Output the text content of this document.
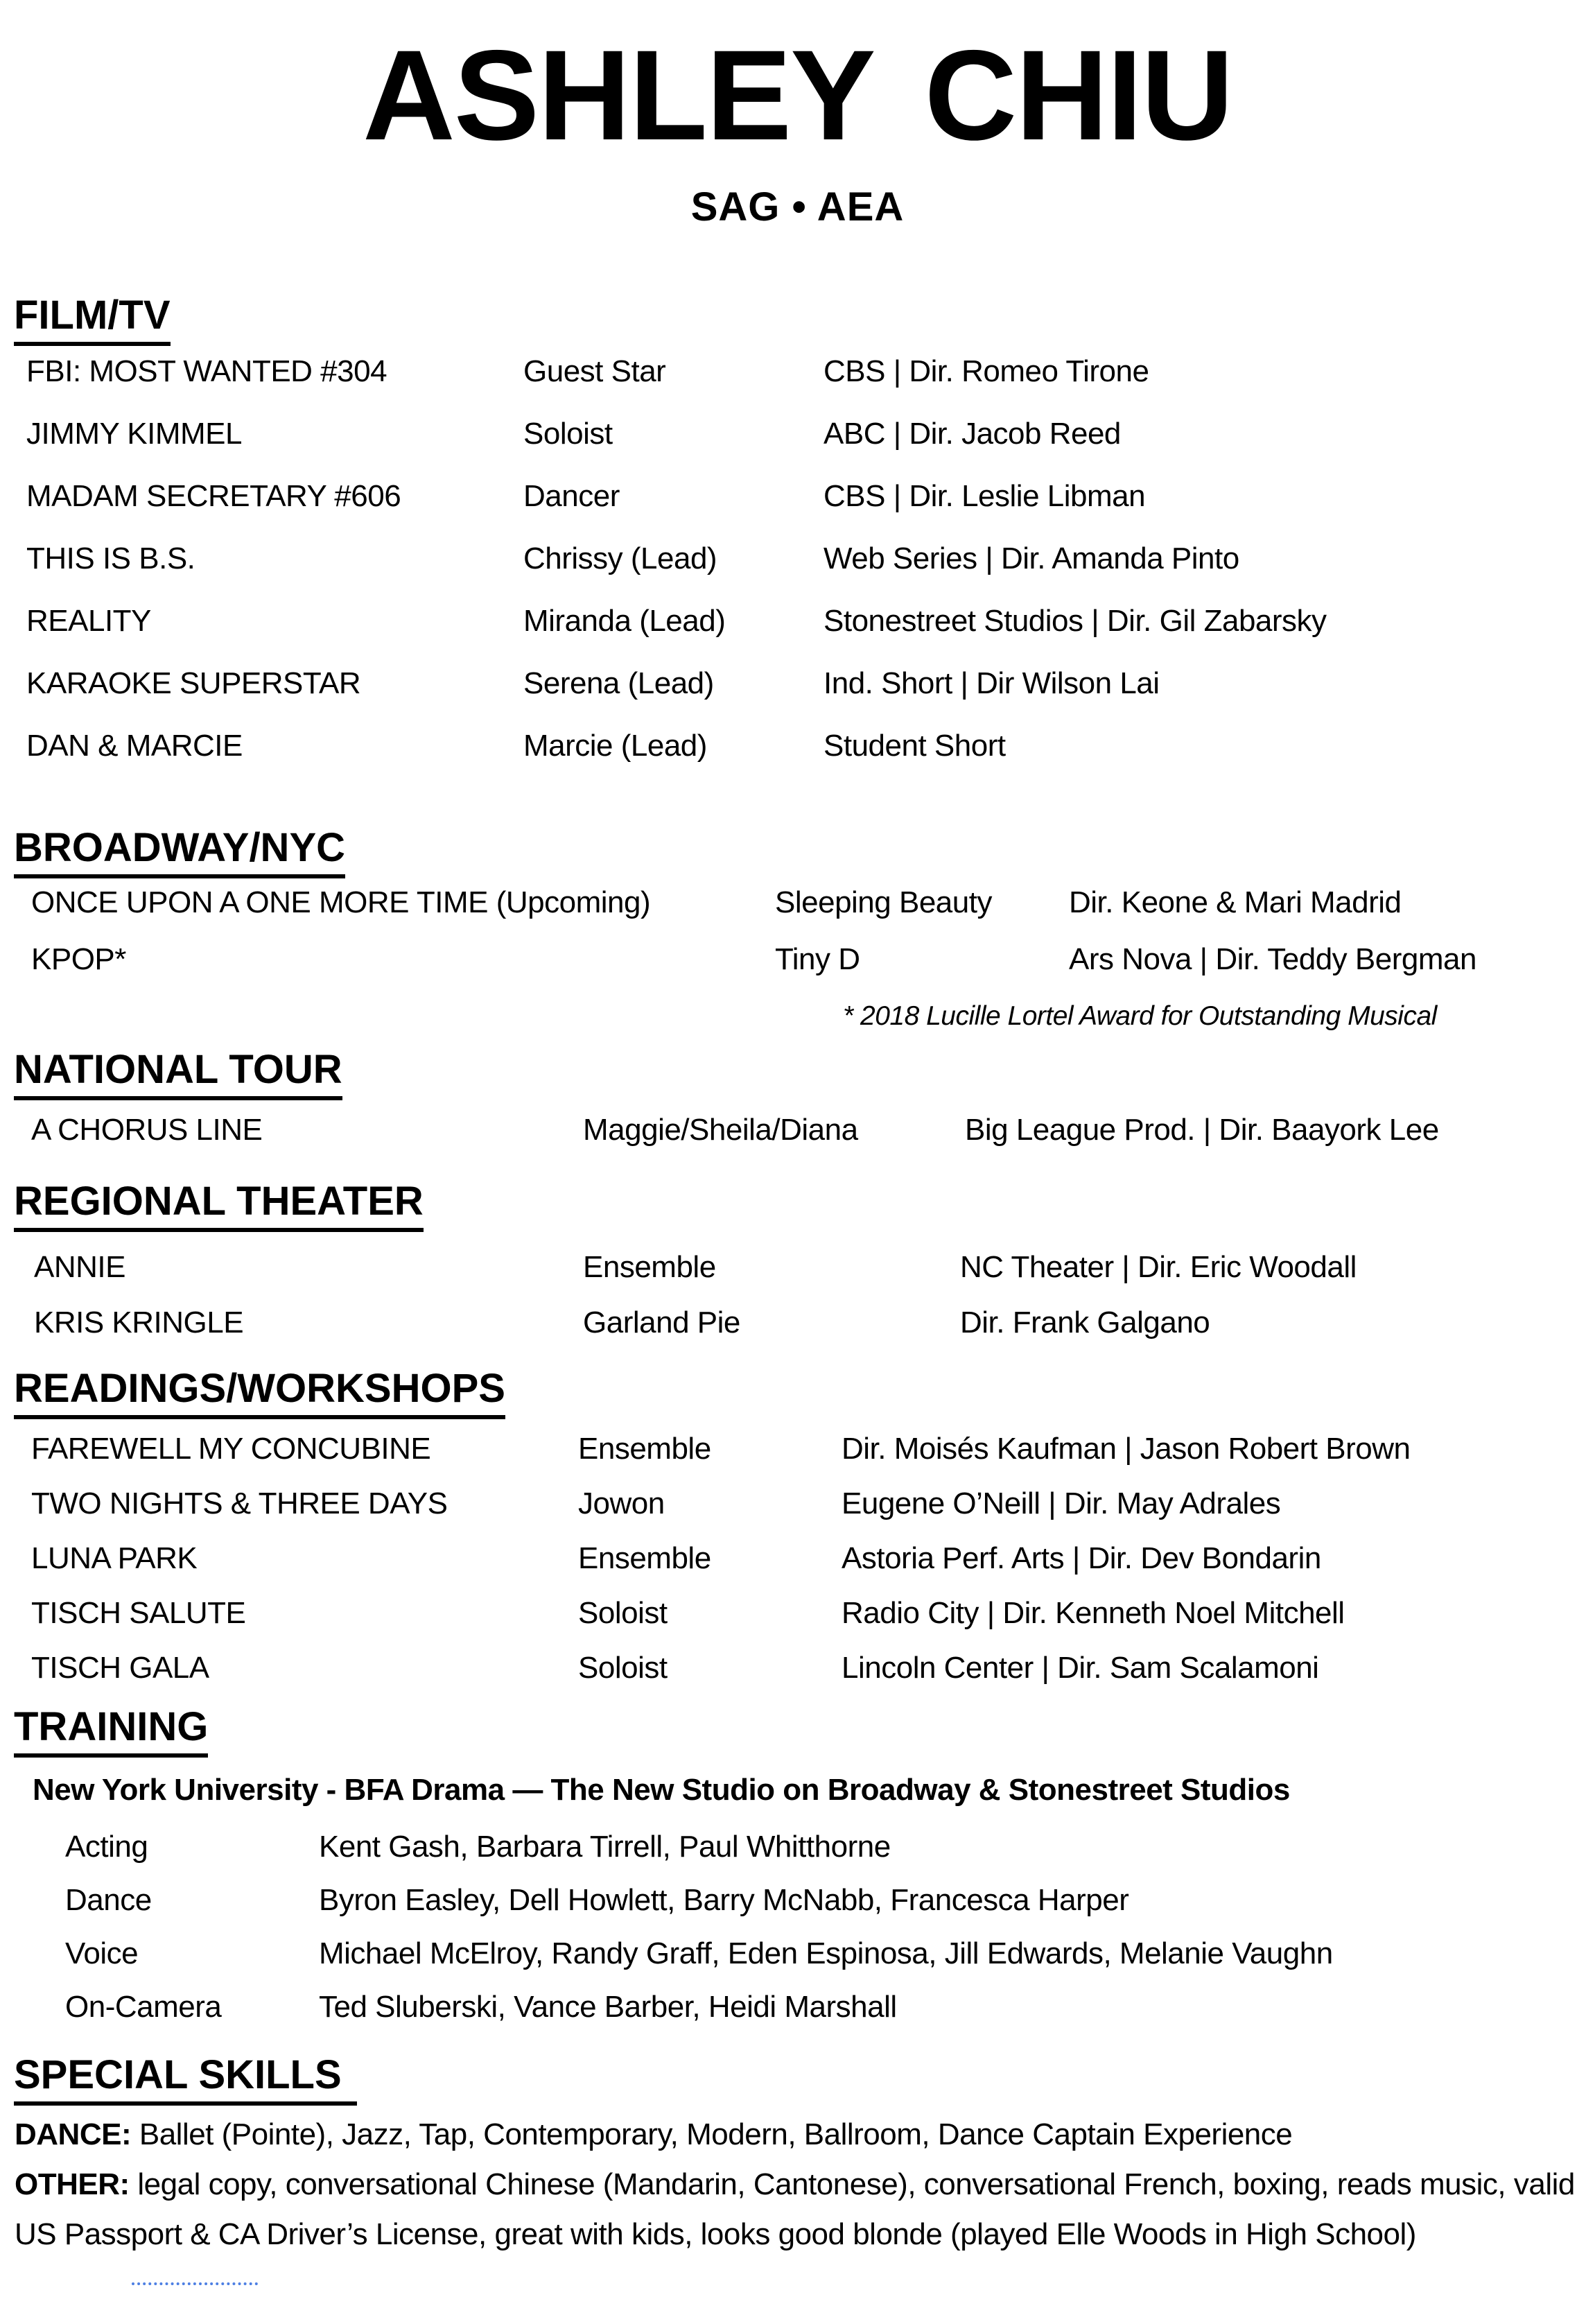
ASHLEY CHIU
SAG • AEA
FILM/TV
FBI: MOST WANTED #304	Guest Star	CBS | Dir. Romeo Tirone
JIMMY KIMMEL	Soloist	ABC | Dir. Jacob Reed
MADAM SECRETARY #606	Dancer	CBS | Dir. Leslie Libman
THIS IS B.S.	Chrissy (Lead)	Web Series | Dir. Amanda Pinto
REALITY	Miranda (Lead)	Stonestreet Studios | Dir. Gil Zabarsky
KARAOKE SUPERSTAR	Serena (Lead)	Ind. Short | Dir Wilson Lai
DAN & MARCIE	Marcie (Lead)	Student Short
BROADWAY/NYC
ONCE UPON A ONE MORE TIME (Upcoming)	Sleeping Beauty	Dir. Keone & Mari Madrid
KPOP*	Tiny D	Ars Nova | Dir. Teddy Bergman
* 2018 Lucille Lortel Award for Outstanding Musical
NATIONAL TOUR
A CHORUS LINE	Maggie/Sheila/Diana	Big League Prod. | Dir. Baayork Lee
REGIONAL THEATER
ANNIE	Ensemble	NC Theater | Dir. Eric Woodall
KRIS KRINGLE	Garland Pie	Dir. Frank Galgano
READINGS/WORKSHOPS
FAREWELL MY CONCUBINE	Ensemble	Dir. Moisés Kaufman | Jason Robert Brown
TWO NIGHTS & THREE DAYS	Jowon	Eugene O’Neill | Dir. May Adrales
LUNA PARK	Ensemble	Astoria Perf. Arts | Dir. Dev Bondarin
TISCH SALUTE	Soloist	Radio City | Dir. Kenneth Noel Mitchell
TISCH GALA	Soloist	Lincoln Center | Dir. Sam Scalamoni
TRAINING
New York University - BFA Drama — The New Studio on Broadway & Stonestreet Studios
Acting	Kent Gash, Barbara Tirrell, Paul Whitthorne
Dance	Byron Easley, Dell Howlett, Barry McNabb, Francesca Harper
Voice	Michael McElroy, Randy Graff, Eden Espinosa, Jill Edwards, Melanie Vaughn
On-Camera	Ted Sluberski, Vance Barber, Heidi Marshall
SPECIAL SKILLS

DANCE: Ballet (Pointe), Jazz, Tap, Contemporary, Modern, Ballroom, Dance Captain Experience

OTHER: legal copy, conversational Chinese (Mandarin, Cantonese), conversational French, boxing, reads music, valid US Passport & CA Driver’s License, great with kids, looks good blonde (played Elle Woods in High School)
